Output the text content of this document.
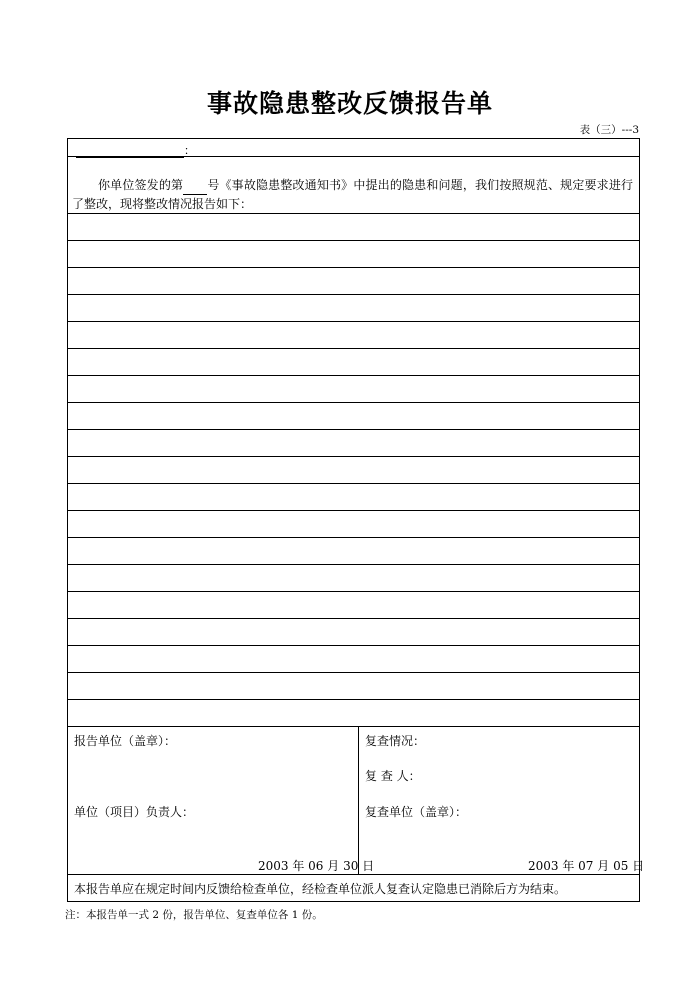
事故隐患整改反馈报告单
表（三）---3
：
你单位签发的第 号《事故隐患整改通知书》中提出的隐患和问题，我们按照规范、规定要求进行了整改，现将整改情况报告如下：
报告单位（盖章）：
单位（项目）负责人：
2003 年 06 月 30 日
复查情况：
复 查 人：
复查单位（盖章）：
2003 年 07 月 05 日
本报告单应在规定时间内反馈给检查单位，经检查单位派人复查认定隐患已消除后方为结束。
注：本报告单一式 2 份，报告单位、复查单位各 1 份。
